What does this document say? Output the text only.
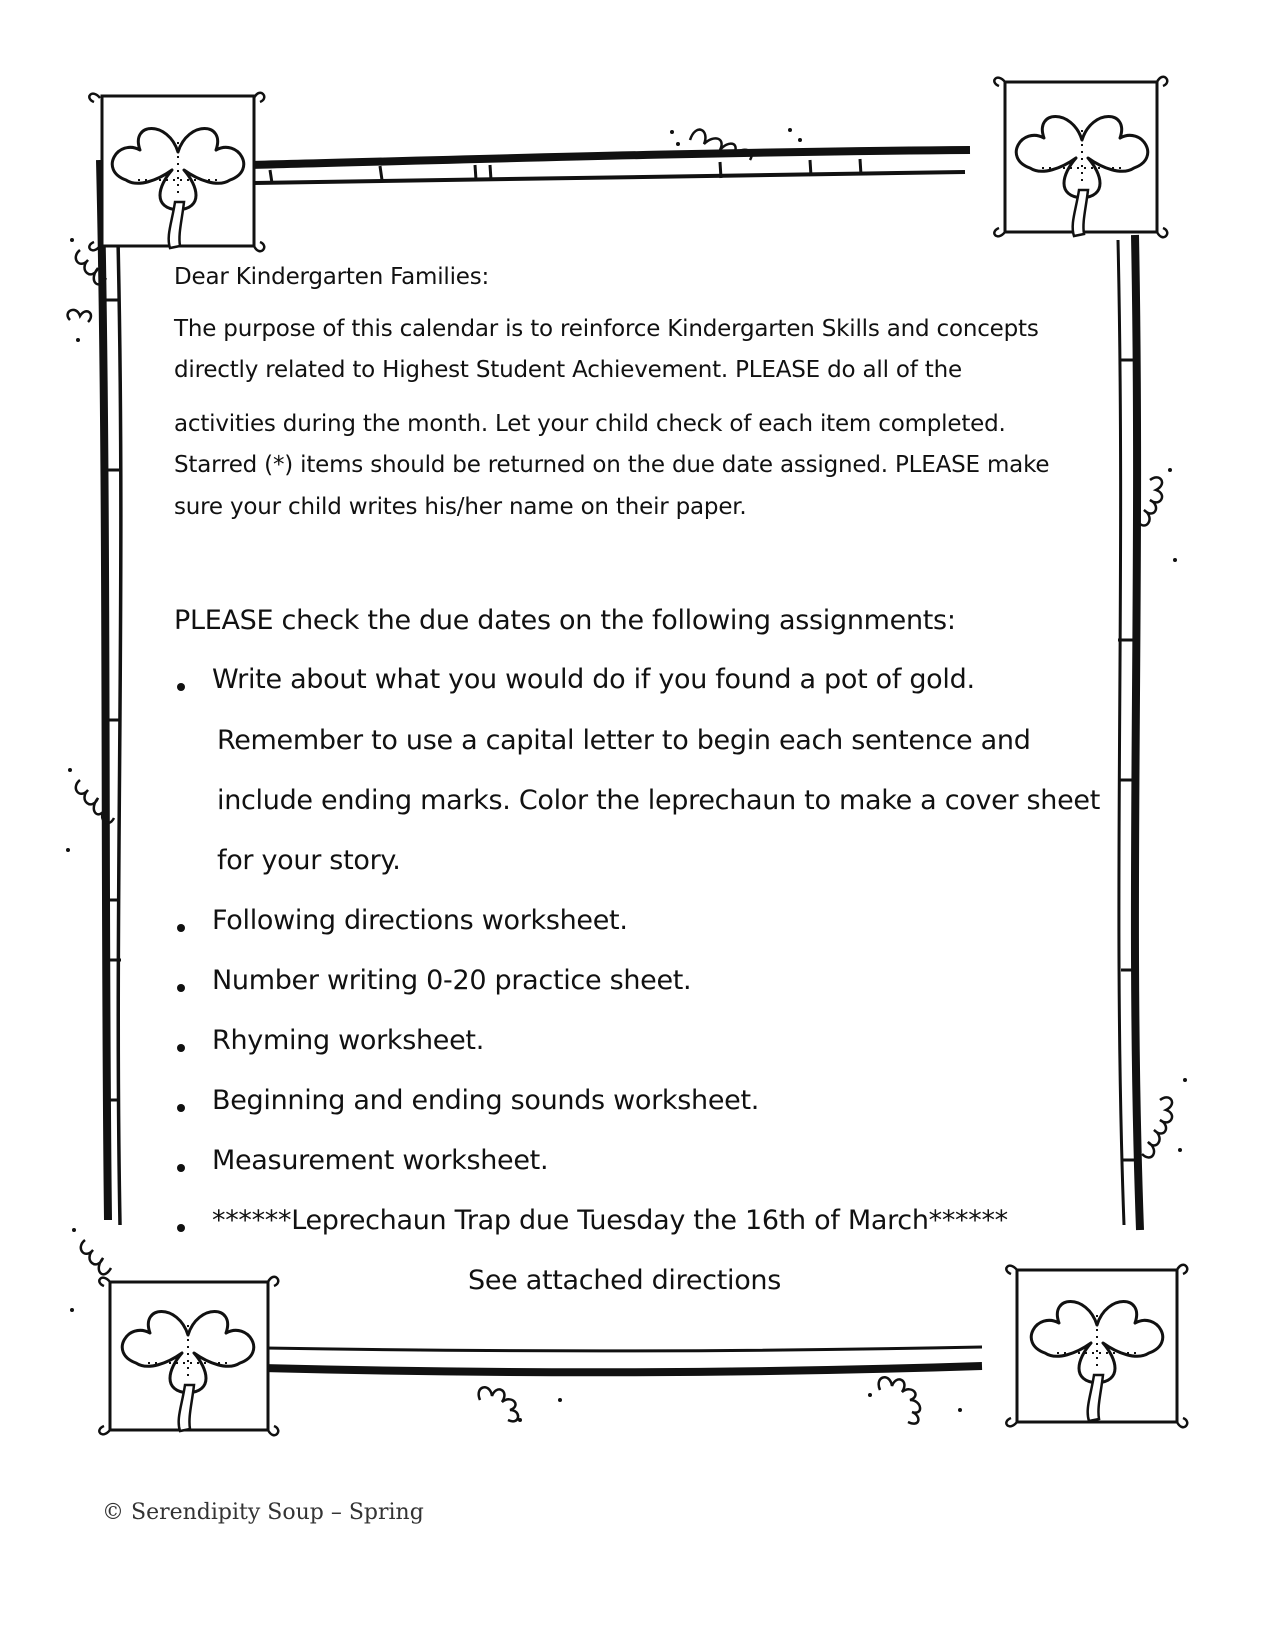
Dear Kindergarten Families:
The purpose of this calendar is to reinforce Kindergarten Skills and concepts
directly related to Highest Student Achievement. PLEASE do all of the
activities during the month. Let your child check of each item completed.
Starred (*) items should be returned on the due date assigned. PLEASE make
sure your child writes his/her name on their paper.
PLEASE check the due dates on the following assignments:
Write about what you would do if you found a pot of gold.
Remember to use a capital letter to begin each sentence and
include ending marks. Color the leprechaun to make a cover sheet
for your story.
Following directions worksheet.
Number writing 0-20 practice sheet.
Rhyming worksheet.
Beginning and ending sounds worksheet.
Measurement worksheet.
******Leprechaun Trap due Tuesday the 16th of March******
See attached directions
© Serendipity Soup – Spring
